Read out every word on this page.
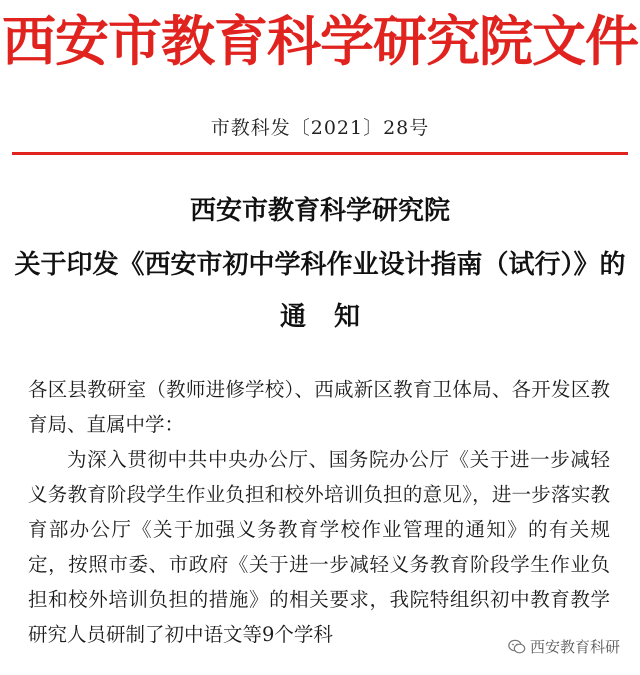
西安市教育科学研究院文件
市教科发〔2021〕28号
西安市教育科学研究院
关于印发《西安市初中学科作业设计指南（试行）》的
通知

各区县教研室（教师进修学校）、西咸新区教育卫体局、各开发区教育局、直属中学：

为深入贯彻中共中央办公厅、国务院办公厅《关于进一步减轻义务教育阶段学生作业负担和校外培训负担的意见》，进一步落实教育部办公厅《关于加强义务教育学校作业管理的通知》的有关规定，按照市委、市政府《关于进一步减轻义务教育阶段学生作业负担和校外培训负担的措施》的相关要求，我院特组织初中教育教学研究人员研制了初中语文等9个学科

西安教育科研
